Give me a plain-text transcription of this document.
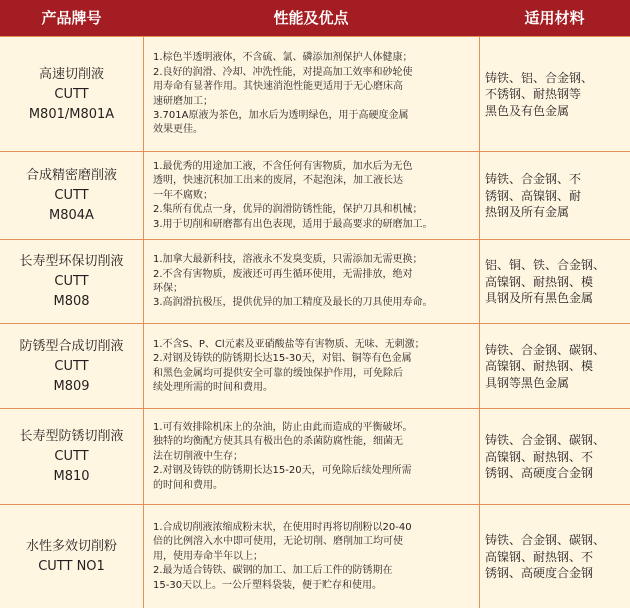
产品牌号	性能及优点	适用材料
高速切削液
CUTT
M801/M801A
1.棕色半透明液体，不含硫、氯、磷添加剂保护人体健康；
2.良好的润滑、冷却、冲洗性能，对提高加工效率和砂轮使
用寿命有显著作用。其快速消泡性能更适用于无心磨床高
速研磨加工；
3.701A原液为茶色，加水后为透明绿色，用于高硬度金属
效果更佳。
铸铁、铝、合金钢、
不锈钢、耐热钢等
黑色及有色金属
合成精密磨削液
CUTT
M804A
1.最优秀的用途加工液，不含任何有害物质，加水后为无色
透明，快速沉积加工出来的废屑，不起泡沫，加工液长达
一年不腐败；
2.集所有优点一身，优异的润滑防锈性能，保护刀具和机械；
3.用于切削和研磨都有出色表现，适用于最高要求的研磨加工。
铸铁、合金钢、不
锈钢、高镍钢、耐
热钢及所有金属
长寿型环保切削液
CUTT
M808
1.加拿大最新科技，溶液永不发臭变质，只需添加无需更换；
2.不含有害物质，废液还可再生循环使用，无需排放，绝对
环保；
3.高润滑抗极压，提供优异的加工精度及最长的刀具使用寿命。
铝、铜、铁、合金钢、
高镍钢、耐热钢、模
具钢及所有黑色金属
防锈型合成切削液
CUTT
M809
1.不含S、P、Cl元素及亚硝酸盐等有害物质、无味、无刺激；
2.对钢及铸铁的防锈期长达15-30天，对铝、铜等有色金属
和黑色金属均可提供安全可靠的缓蚀保护作用，可免除后
续处理所需的时间和费用。
铸铁、合金钢、碳钢、
高镍钢、耐热钢、模
具钢等黑色金属
长寿型防锈切削液
CUTT
M810
1.可有效排除机床上的杂油，防止由此而造成的平衡破坏。
独特的均衡配方使其具有极出色的杀菌防腐性能，细菌无
法在切削液中生存；
2.对钢及铸铁的防锈期长达15-20天，可免除后续处理所需
的时间和费用。
铸铁、合金钢、碳钢、
高镍钢、耐热钢、不
锈钢、高硬度合金钢
水性多效切削粉
CUTT NO1
1.合成切削液浓缩成粉末状，在使用时再将切削粉以20-40
倍的比例溶入水中即可使用，无论切削、磨削加工均可使
用，使用寿命半年以上；
2.最为适合铸铁、碳钢的加工、加工后工件的防锈期在
15-30天以上。一公斤塑料袋装，便于贮存和使用。
铸铁、合金钢、碳钢、
高镍钢、耐热钢、不
锈钢、高硬度合金钢
